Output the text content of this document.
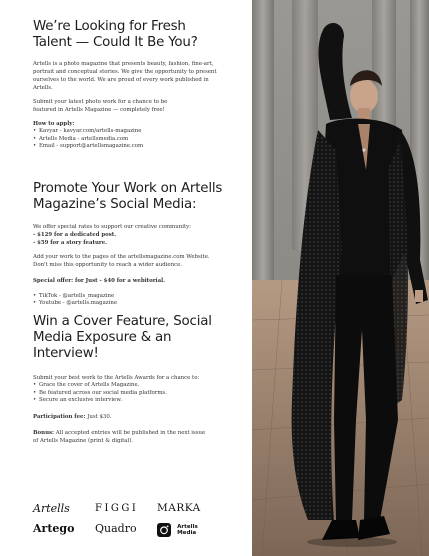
We’re Looking for Fresh
Talent — Could It Be You?

Artells is a photo magazine that presents beauty, fashion, fine-art,
portrait and conceptual stories. We give the opportunity to present
ourselves to the world. We are proud of every work published in
Artells.

Submit your latest photo work for a chance to be
featured in Artells Magazine — completely free!

How to apply:

• Kavyar - kavyar.com/artells-magazine
• Artells Media - artellsmedia.com
• Email - support@artellsmagazine.com
Promote Your Work on Artells
Magazine’s Social Media:

We offer special rates to support our creative community:
- $129 for a dedicated post.
- $59 for a story feature.

Add your work to the pages of the artellsmagazine.com Website.
Don't miss this opportunity to reach a wider audience.

Special offer: for Just - $40 for a webitorial.

• TikTok - @artells_magazine
• Youtube - @artells.magazine
Win a Cover Feature, Social
Media Exposure & an Interview!

Submit your best work to the Artells Awards for a chance to:

• Grace the cover of Artells Magazine.
• Be featured across our social media platforms.
• Secure an exclusive interview.

Participation fee: Just $30.

Bonus: All accepted entries will be published in the next issue
of Artells Magazine (print & digital).

Artells	FIGGI MARKA
Artego Quadro	Artells
Media
